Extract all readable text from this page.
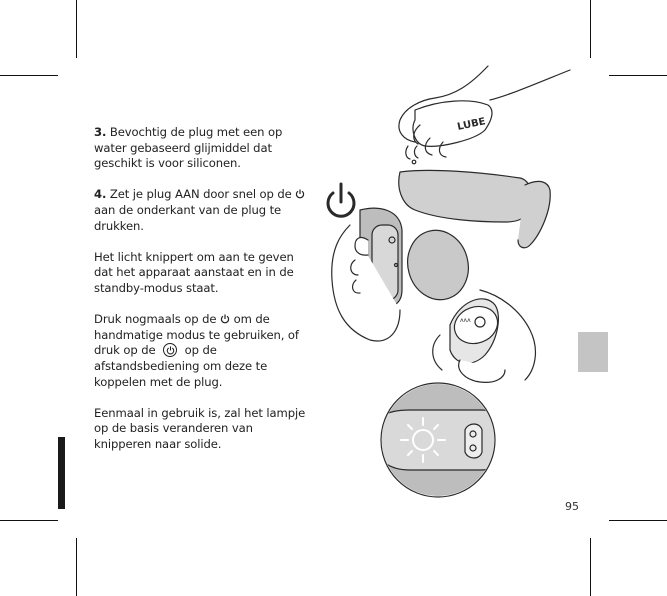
3. Bevochtig de plug met een op water gebaseerd glijmiddel dat geschikt is voor siliconen.

4. Zet je plug AAN door snel op de  aan de onderkant van de plug te drukken.

Het licht knippert om aan te geven dat het apparaat aanstaat en in de standby-modus staat.

Druk nogmaals op de  om de handmatige modus te gebruiken, of druk op de
op de afstandsbediening om deze te koppelen met de plug.

Eenmaal in gebruik is, zal het lampje op de basis veranderen van knipperen naar solide.

LUBE
ʌʌʌ
95
